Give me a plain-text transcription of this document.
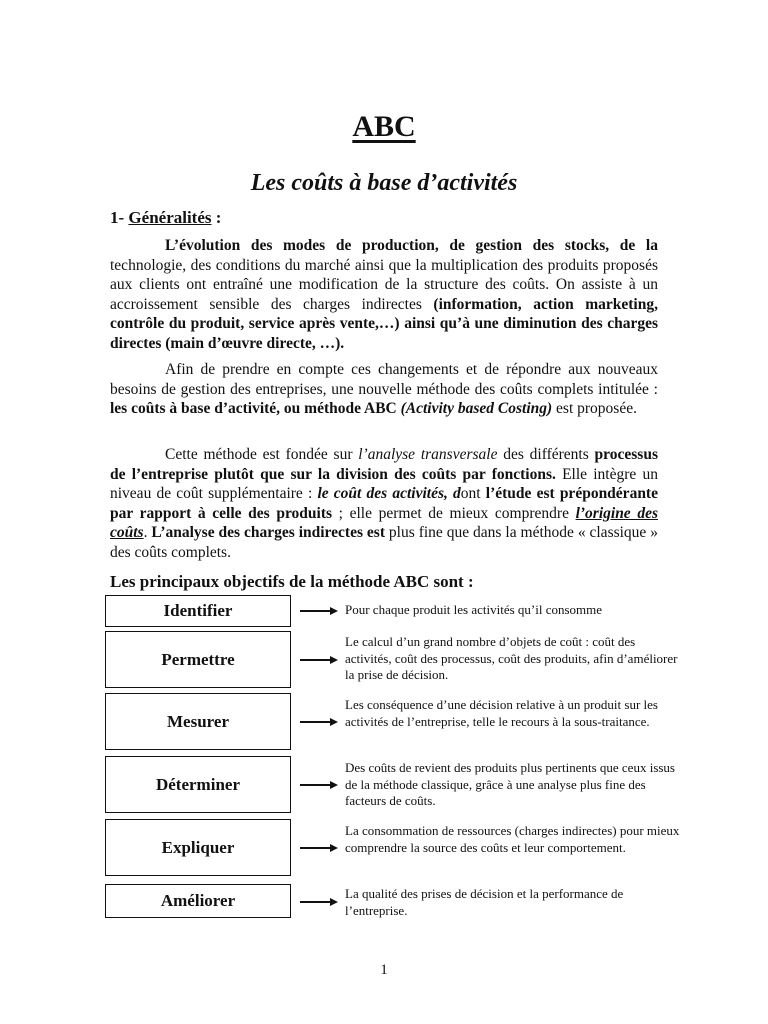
ABC
Les coûts à base d’activités
1- Généralités :

L’évolution des modes de production, de gestion des stocks, de la technologie, des conditions du marché ainsi que la multiplication des produits proposés aux clients ont entraîné une modification de la structure des coûts. On assiste à un accroissement sensible des charges indirectes (information, action marketing, contrôle du produit, service après vente,…) ainsi qu’à une diminution des charges directes (main d’œuvre directe, …).

Afin de prendre en compte ces changements et de répondre aux nouveaux besoins de gestion des entreprises, une nouvelle méthode des coûts complets intitulée : les coûts à base d’activité, ou méthode ABC (Activity based Costing) est proposée.

Cette méthode est fondée sur l’analyse transversale des différents processus de l’entreprise plutôt que sur la division des coûts par fonctions. Elle intègre un niveau de coût supplémentaire : le coût des activités, dont l’étude est prépondérante par rapport à celle des produits ; elle permet de mieux comprendre l’origine des coûts. L’analyse des charges indirectes est plus fine que dans la méthode « classique » des coûts complets.

Les principaux objectifs de la méthode ABC sont :
Identifier	Pour chaque produit les activités qu’il consomme
Permettre
Le calcul d’un grand nombre d’objets de coût : coût des activités, coût des processus, coût des produits, afin d’améliorer la prise de décision.
Mesurer
Les conséquence d’une décision relative à un produit sur les activités de l’entreprise, telle le recours à la sous-traitance.
Déterminer
Des coûts de revient des produits plus pertinents que ceux issus de la méthode classique, grâce à une analyse plus fine des facteurs de coûts.
Expliquer
La consommation de ressources (charges indirectes) pour mieux comprendre la source des coûts et leur comportement.
Améliorer	La qualité des prises de décision et la performance de l’entreprise.
1
